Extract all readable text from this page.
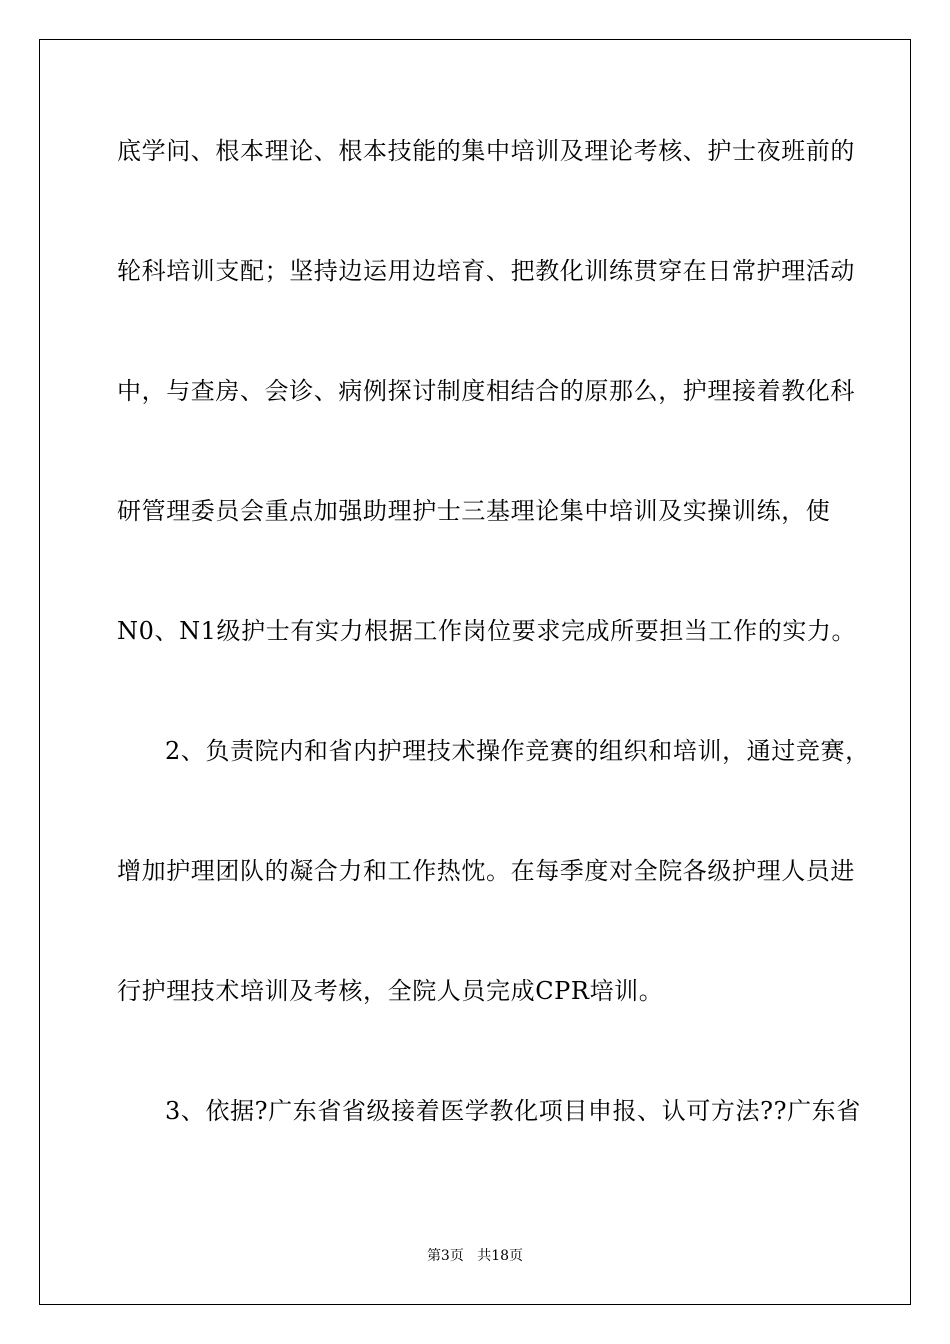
底学问、根本理论、根本技能的集中培训及理论考核、护士夜班前的
轮科培训支配；坚持边运用边培育、把教化训练贯穿在日常护理活动
中，与查房、会诊、病例探讨制度相结合的原那么，护理接着教化科
研管理委员会重点加强助理护士三基理论集中培训及实操训练，使
N0、N1级护士有实力根据工作岗位要求完成所要担当工作的实力。
2、负责院内和省内护理技术操作竞赛的组织和培训，通过竞赛，
增加护理团队的凝合力和工作热忱。在每季度对全院各级护理人员进
行护理技术培训及考核，全院人员完成CPR培训。
3、依据?广东省省级接着医学教化项目申报、认可方法??广东省
第3页 共18页
